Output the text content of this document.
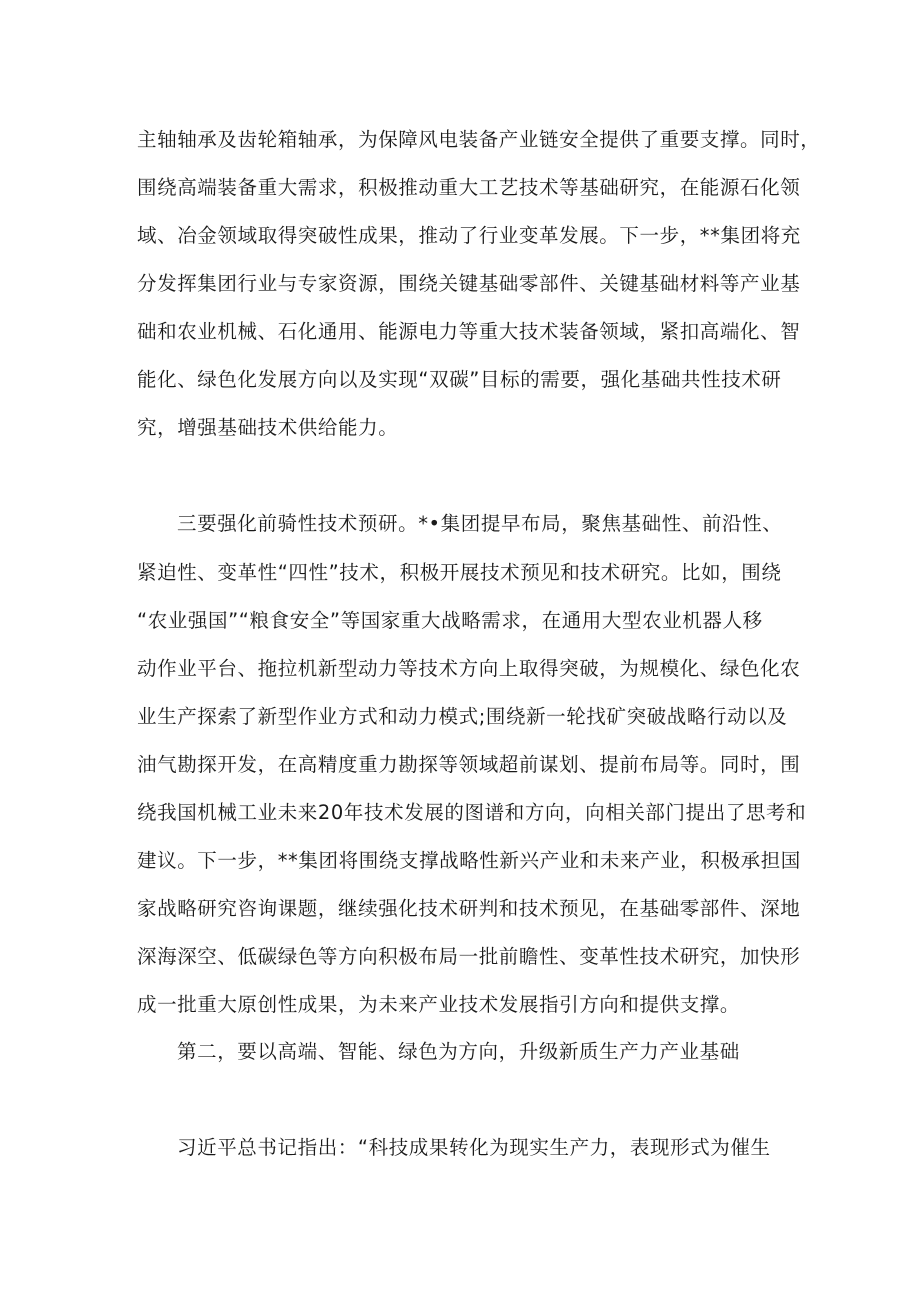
主轴轴承及齿轮箱轴承，为保障风电装备产业链安全提供了重要支撑。同时，
围绕高端装备重大需求，积极推动重大工艺技术等基础研究，在能源石化领
域、冶金领域取得突破性成果，推动了行业变革发展。下一步，**集团将充
分发挥集团行业与专家资源，围绕关键基础零部件、关键基础材料等产业基
础和农业机械、石化通用、能源电力等重大技术装备领域，紧扣高端化、智
能化、绿色化发展方向以及实现“双碳”目标的需要，强化基础共性技术研
究，增强基础技术供给能力。
三要强化前骑性技术预研。*•集团提早布局，聚焦基础性、前沿性、
紧迫性、变革性“四性”技术，积极开展技术预见和技术研究。比如，围绕
“农业强国”“粮食安全”等国家重大战略需求，在通用大型农业机器人移
动作业平台、拖拉机新型动力等技术方向上取得突破，为规模化、绿色化农
业生产探索了新型作业方式和动力模式;围绕新一轮找矿突破战略行动以及
油气勘探开发，在高精度重力勘探等领域超前谋划、提前布局等。同时，围
绕我国机械工业未来20年技术发展的图谱和方向，向相关部门提出了思考和
建议。下一步，**集团将围绕支撑战略性新兴产业和未来产业，积极承担国
家战略研究咨询课题，继续强化技术研判和技术预见，在基础零部件、深地
深海深空、低碳绿色等方向积极布局一批前瞻性、变革性技术研究，加快形
成一批重大原创性成果，为未来产业技术发展指引方向和提供支撑。
第二，要以高端、智能、绿色为方向，升级新质生产力产业基础
习近平总书记指出：“科技成果转化为现实生产力，表现形式为催生
